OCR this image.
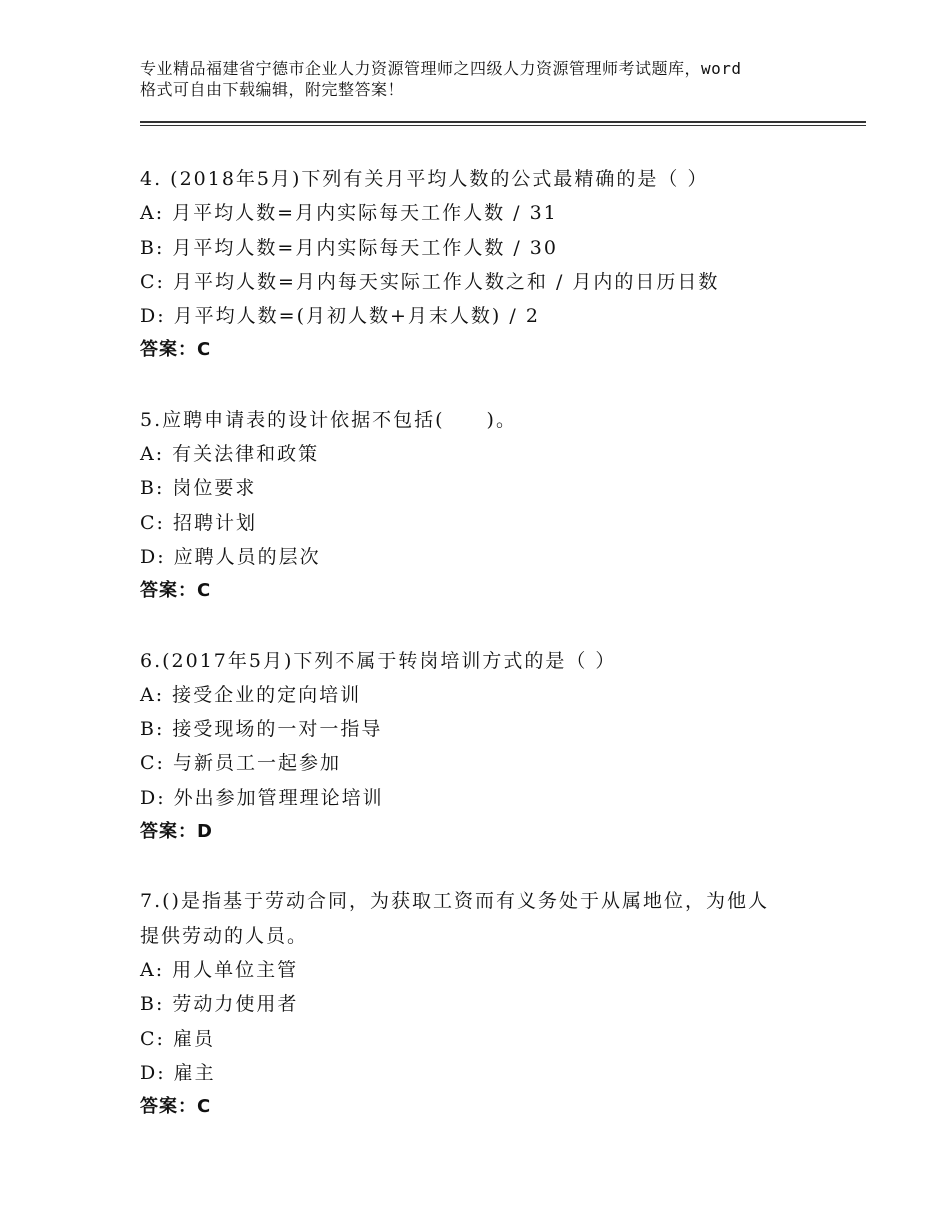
专业精品福建省宁德市企业人力资源管理师之四级人力资源管理师考试题库，word
格式可自由下载编辑，附完整答案！
4. (2018年5月)下列有关月平均人数的公式最精确的是（ ）
A: 月平均人数=月内实际每天工作人数 / 31
B: 月平均人数=月内实际每天工作人数 / 30
C: 月平均人数=月内每天实际工作人数之和 / 月内的日历日数
D: 月平均人数=(月初人数+月末人数) / 2
答案：C
5.应聘申请表的设计依据不包括(　　)。
A: 有关法律和政策
B: 岗位要求
C: 招聘计划
D: 应聘人员的层次
答案：C
6.(2017年5月)下列不属于转岗培训方式的是（ ）
A: 接受企业的定向培训
B: 接受现场的一对一指导
C: 与新员工一起参加
D: 外出参加管理理论培训
答案：D
7.()是指基于劳动合同，为获取工资而有义务处于从属地位，为他人
提供劳动的人员。
A: 用人单位主管
B: 劳动力使用者
C: 雇员
D: 雇主
答案：C
